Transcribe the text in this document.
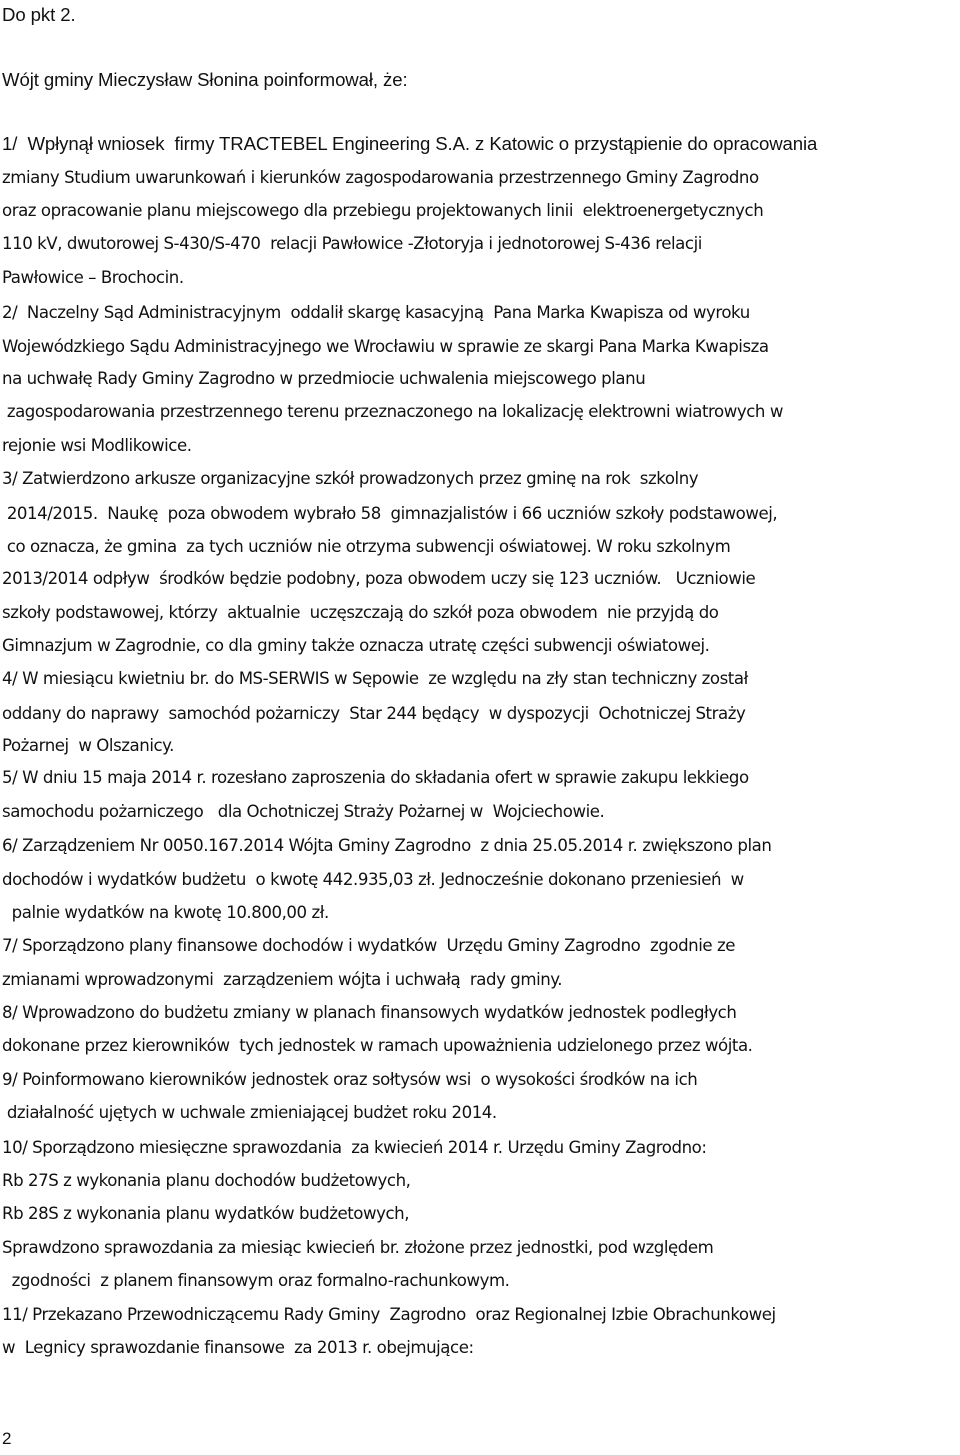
Do pkt 2.
Wójt gminy Mieczysław Słonina poinformował, że:
1/  Wpłynął wniosek  firmy TRACTEBEL Engineering S.A. z Katowic o przystąpienie do opracowania
zmiany Studium uwarunkowań i kierunków zagospodarowania przestrzennego Gminy Zagrodno
oraz opracowanie planu miejscowego dla przebiegu projektowanych linii  elektroenergetycznych
110 kV, dwutorowej S-430/S-470  relacji Pawłowice -Złotoryja i jednotorowej S-436 relacji
Pawłowice – Brochocin.
2/  Naczelny Sąd Administracyjnym  oddalił skargę kasacyjną  Pana Marka Kwapisza od wyroku
Wojewódzkiego Sądu Administracyjnego we Wrocławiu w sprawie ze skargi Pana Marka Kwapisza
na uchwałę Rady Gminy Zagrodno w przedmiocie uchwalenia miejscowego planu
zagospodarowania przestrzennego terenu przeznaczonego na lokalizację elektrowni wiatrowych w
rejonie wsi Modlikowice.
3/ Zatwierdzono arkusze organizacyjne szkół prowadzonych przez gminę na rok  szkolny
2014/2015.  Naukę  poza obwodem wybrało 58  gimnazjalistów i 66 uczniów szkoły podstawowej,
co oznacza, że gmina  za tych uczniów nie otrzyma subwencji oświatowej. W roku szkolnym
2013/2014 odpływ  środków będzie podobny, poza obwodem uczy się 123 uczniów.   Uczniowie
szkoły podstawowej, którzy  aktualnie  uczęszczają do szkół poza obwodem  nie przyjdą do
Gimnazjum w Zagrodnie, co dla gminy także oznacza utratę części subwencji oświatowej.
4/ W miesiącu kwietniu br. do MS-SERWIS w Sępowie  ze względu na zły stan techniczny został
oddany do naprawy  samochód pożarniczy  Star 244 będący  w dyspozycji  Ochotniczej Straży
Pożarnej  w Olszanicy.
5/ W dniu 15 maja 2014 r. rozesłano zaproszenia do składania ofert w sprawie zakupu lekkiego
samochodu pożarniczego   dla Ochotniczej Straży Pożarnej w  Wojciechowie.
6/ Zarządzeniem Nr 0050.167.2014 Wójta Gminy Zagrodno  z dnia 25.05.2014 r. zwiększono plan
dochodów i wydatków budżetu  o kwotę 442.935,03 zł. Jednocześnie dokonano przeniesień  w
palnie wydatków na kwotę 10.800,00 zł.
7/ Sporządzono plany finansowe dochodów i wydatków  Urzędu Gminy Zagrodno  zgodnie ze
zmianami wprowadzonymi  zarządzeniem wójta i uchwałą  rady gminy.
8/ Wprowadzono do budżetu zmiany w planach finansowych wydatków jednostek podległych
dokonane przez kierowników  tych jednostek w ramach upoważnienia udzielonego przez wójta.
9/ Poinformowano kierowników jednostek oraz sołtysów wsi  o wysokości środków na ich
działalność ujętych w uchwale zmieniającej budżet roku 2014.
10/ Sporządzono miesięczne sprawozdania  za kwiecień 2014 r. Urzędu Gminy Zagrodno:
Rb 27S z wykonania planu dochodów budżetowych,
Rb 28S z wykonania planu wydatków budżetowych,
Sprawdzono sprawozdania za miesiąc kwiecień br. złożone przez jednostki, pod względem
zgodności  z planem finansowym oraz formalno-rachunkowym.
11/ Przekazano Przewodniczącemu Rady Gminy  Zagrodno  oraz Regionalnej Izbie Obrachunkowej
w  Legnicy sprawozdanie finansowe  za 2013 r. obejmujące:
2
